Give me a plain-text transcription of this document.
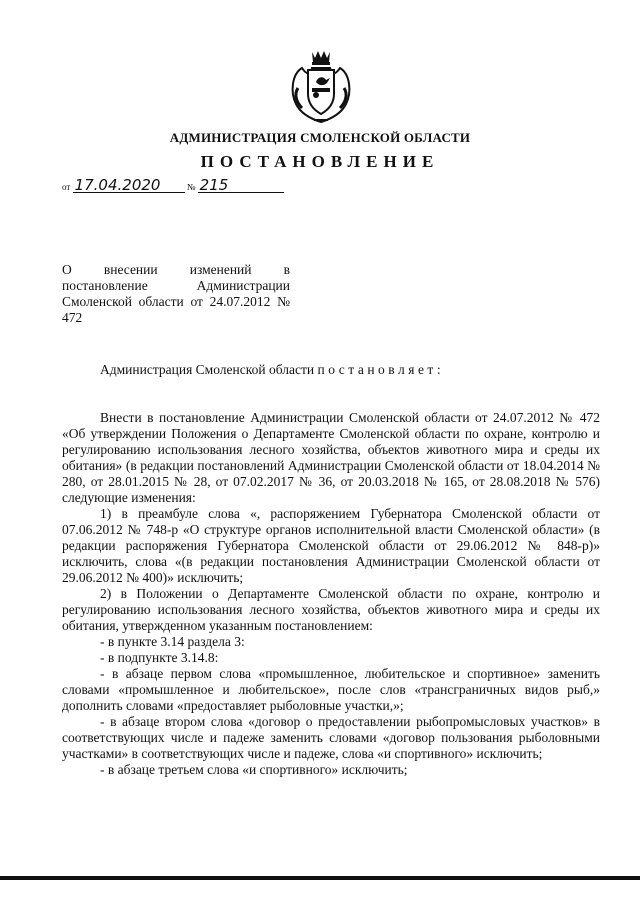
АДМИНИСТРАЦИЯ СМОЛЕНСКОЙ ОБЛАСТИ
ПОСТАНОВЛЕНИЕ
от 17.04.2020	№ 215
О внесении изменений в постановление Администрации Смоленской области от 24.07.2012 № 472
Администрация Смоленской области постановляет:

Внести в постановление Администрации Смоленской области от 24.07.2012 № 472 «Об утверждении Положения о Департаменте Смоленской области по охране, контролю и регулированию использования лесного хозяйства, объектов животного мира и среды их обитания» (в редакции постановлений Администрации Смоленской области от 18.04.2014 № 280, от 28.01.2015 № 28, от 07.02.2017 № 36, от 20.03.2018 № 165, от 28.08.2018 № 576) следующие изменения:

1) в преамбуле слова «, распоряжением Губернатора Смоленской области от 07.06.2012 № 748-р «О структуре органов исполнительной власти Смоленской области» (в редакции распоряжения Губернатора Смоленской области от 29.06.2012 № 848-р)» исключить, слова «(в редакции постановления Администрации Смоленской области от 29.06.2012 № 400)» исключить;

2) в Положении о Департаменте Смоленской области по охране, контролю и регулированию использования лесного хозяйства, объектов животного мира и среды их обитания, утвержденном указанным постановлением:

- в пункте 3.14 раздела 3:

- в подпункте 3.14.8:

- в абзаце первом слова «промышленное, любительское и спортивное» заменить словами «промышленное и любительское», после слов «трансграничных видов рыб,» дополнить словами «предоставляет рыболовные участки,»;

- в абзаце втором слова «договор о предоставлении рыбопромысловых участков» в соответствующих числе и падеже заменить словами «договор пользования рыболовными участками» в соответствующих числе и падеже, слова «и спортивного» исключить;

- в абзаце третьем слова «и спортивного» исключить;
